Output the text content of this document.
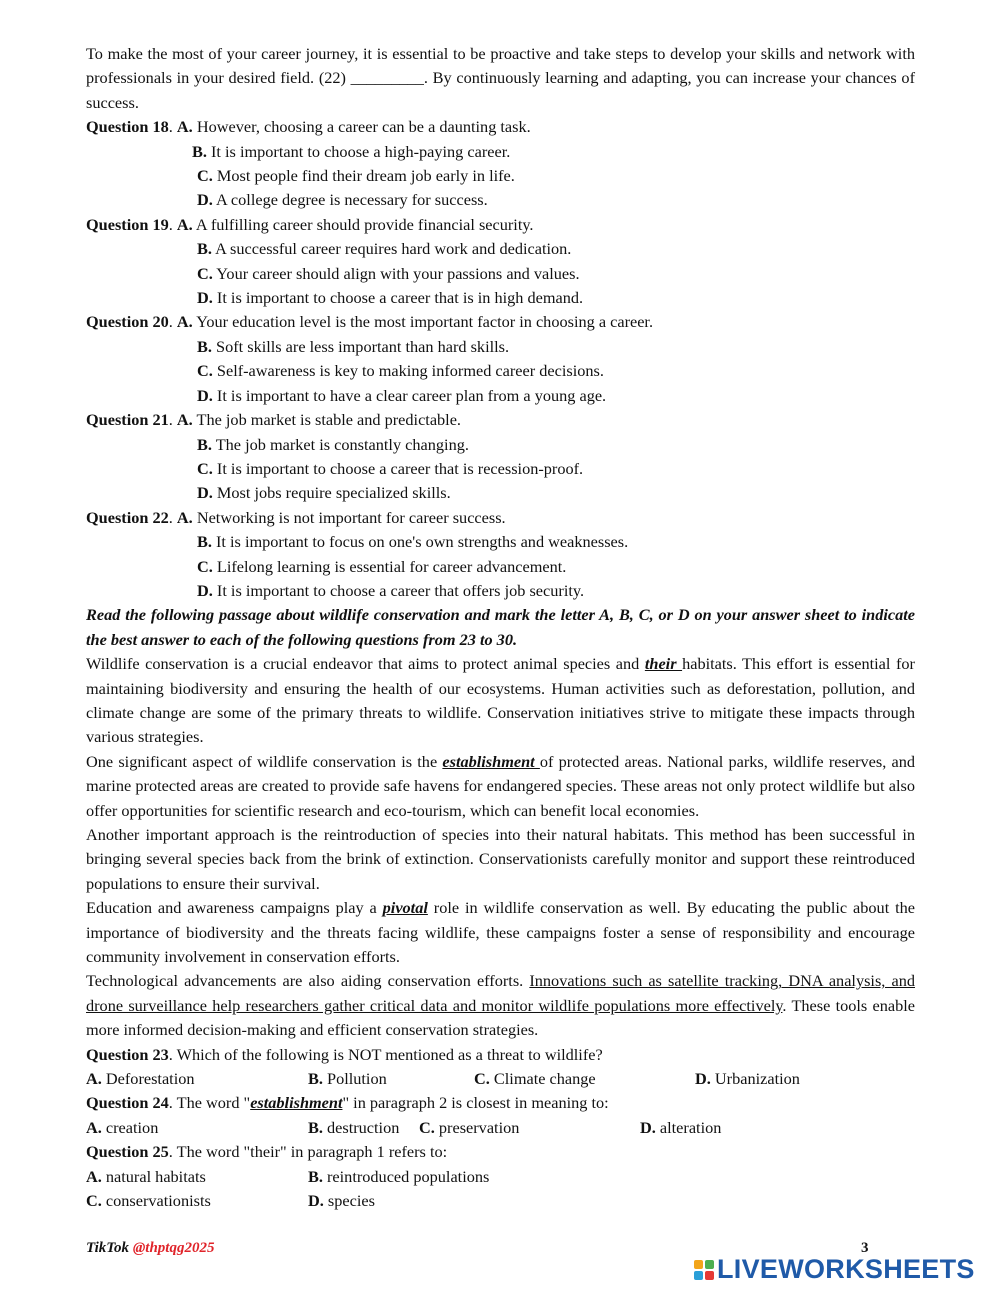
To make the most of your career journey, it is essential to be proactive and take steps to develop your skills and network with professionals in your desired field. (22) _________. By continuously learning and adapting, you can increase your chances of success.

Question 18. A. However, choosing a career can be a daunting task.

B. It is important to choose a high-paying career.

C. Most people find their dream job early in life.

D. A college degree is necessary for success.

Question 19. A. A fulfilling career should provide financial security.

B. A successful career requires hard work and dedication.

C. Your career should align with your passions and values.

D. It is important to choose a career that is in high demand.

Question 20. A. Your education level is the most important factor in choosing a career.

B. Soft skills are less important than hard skills.

C. Self-awareness is key to making informed career decisions.

D. It is important to have a clear career plan from a young age.

Question 21. A. The job market is stable and predictable.

B. The job market is constantly changing.

C. It is important to choose a career that is recession-proof.

D. Most jobs require specialized skills.

Question 22. A. Networking is not important for career success.

B. It is important to focus on one's own strengths and weaknesses.

C. Lifelong learning is essential for career advancement.

D. It is important to choose a career that offers job security.

Read the following passage about wildlife conservation and mark the letter A, B, C, or D on your answer sheet to indicate the best answer to each of the following questions from 23 to 30.

Wildlife conservation is a crucial endeavor that aims to protect animal species and their habitats. This effort is essential for maintaining biodiversity and ensuring the health of our ecosystems. Human activities such as deforestation, pollution, and climate change are some of the primary threats to wildlife. Conservation initiatives strive to mitigate these impacts through various strategies.

One significant aspect of wildlife conservation is the establishment of protected areas. National parks, wildlife reserves, and marine protected areas are created to provide safe havens for endangered species. These areas not only protect wildlife but also offer opportunities for scientific research and eco-tourism, which can benefit local economies.

Another important approach is the reintroduction of species into their natural habitats. This method has been successful in bringing several species back from the brink of extinction. Conservationists carefully monitor and support these reintroduced populations to ensure their survival.

Education and awareness campaigns play a pivotal role in wildlife conservation as well. By educating the public about the importance of biodiversity and the threats facing wildlife, these campaigns foster a sense of responsibility and encourage community involvement in conservation efforts.

Technological advancements are also aiding conservation efforts. Innovations such as satellite tracking, DNA analysis, and drone surveillance help researchers gather critical data and monitor wildlife populations more effectively. These tools enable more informed decision-making and efficient conservation strategies.

Question 23. Which of the following is NOT mentioned as a threat to wildlife?

A. Deforestation	B. Pollution	C. Climate change	D. Urbanization

Question 24. The word "establishment" in paragraph 2 is closest in meaning to:

A. creation	B. destruction	C. preservation	D. alteration

Question 25. The word "their" in paragraph 1 refers to:

A. natural habitats	B. reintroduced populations
C. conservationists	D. species
TikTok @thptqg2025	3
LIVEWORKSHEETS
